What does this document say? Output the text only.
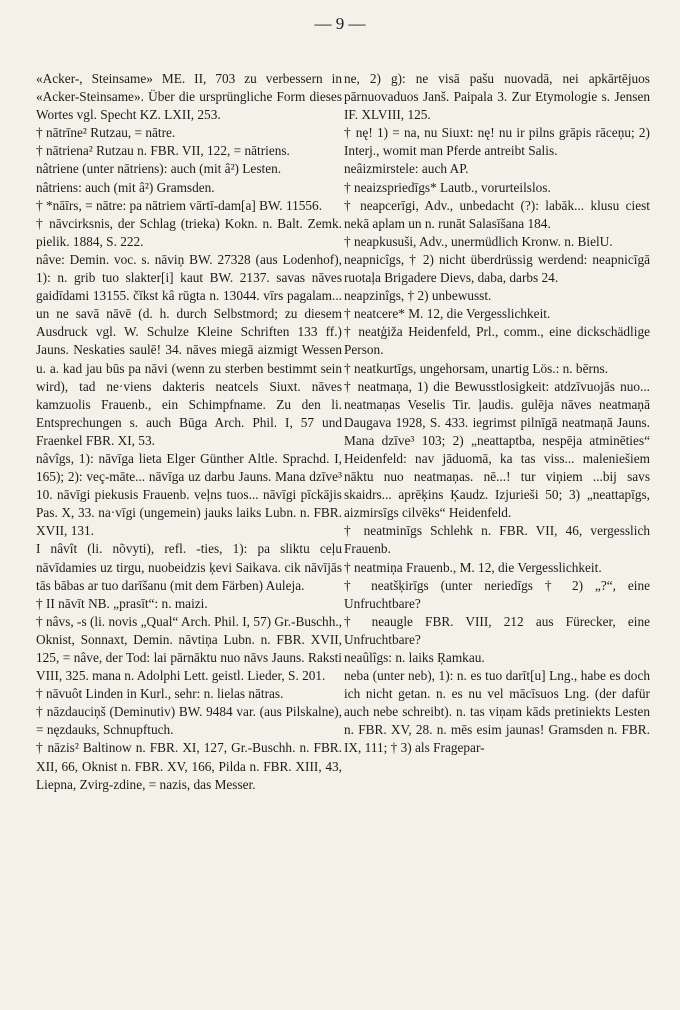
— 9 —

«Acker-, Steinsame» ME. II, 703 zu verbessern in «Acker-Steinsame». Über die ursprüngliche Form dieses Wortes vgl. Specht KZ. LXII, 253.

† nātrīne² Rutzau, = nātre.

† nātriena² Rutzau n. FBR. VII, 122, = nātriens.

nâtriene (unter nātriens): auch (mit â²) Lesten.

nâtriens: auch (mit â²) Gramsden.

† *nāīrs, = nātre: pa nātriem vārtī-dam[a] BW. 11556.

† nāvcirksnis, der Schlag (trieka) Kokn. n. Balt. Zemk. pielik. 1884, S. 222.

nâve: Demin. voc. s. nāviņ BW. 27328 (aus Lodenhof), 1): n. grib tuo slakter[i] kaut BW. 2137. savas nāves gaidīdami 13155. čīkst kâ rūgta n. 13044. vīrs pagalam... un ne savā nāvē (d. h. durch Selbstmord; zu diesem Ausdruck vgl. W. Schulze Kleine Schriften 133 ff.) Jauns. Neskaties saulē! 34. nāves miegā aizmigt Wessen u. a. kad jau būs pa nāvi (wenn zu sterben bestimmt sein wird), tad ne·viens dakteris neatcels Siuxt. nāves kamzuolis Frauenb., ein Schimpfname. Zu den li. Entsprechungen s. auch Būga Arch. Phil. I, 57 und Fraenkel FBR. XI, 53.

nâvîgs, 1): nāvīga lieta Elger Günther Altle. Sprachd. I, 165); 2): veç-māte... nāvīga uz darbu Jauns. Mana dzīve³ 10. nāvīgi piekusis Frauenb. veļns tuos... nāvīgi pīckājis Pas. X, 33. na·vīgi (ungemein) jauks laiks Lubn. n. FBR. XVII, 131.

I nâvît (li. nõvyti), refl. -ties, 1): pa sliktu ceļu nāvīdamies uz tirgu, nuobeidzis ķevi Saikava. cik nāvījās tās bābas ar tuo darīšanu (mit dem Färben) Auleja.

† II nāvīt NB. „prasīt“: n. maizi.

† nâvs, -s (li. novis „Qual“ Arch. Phil. I, 57) Gr.-Buschh., Oknist, Sonnaxt, Demin. nāvtiņa Lubn. n. FBR. XVII, 125, = nâve, der Tod: lai pārnāktu nuo nāvs Jauns. Raksti VIII, 325. mana n. Adolphi Lett. geistl. Lieder, S. 201.

† nāvuôt Linden in Kurl., sehr: n. lielas nātras.

† nāzdauciņš (Deminutiv) BW. 9484 var. (aus Pilskalne), = nęzdauks, Schnupftuch.

† nāzis² Baltinow n. FBR. XI, 127, Gr.-Buschh. n. FBR. XII, 66, Oknist n. FBR. XV, 166, Pilda n. FBR. XIII, 43, Liepna, Zvirg-zdine, = nazis, das Messer.

ne, 2) g): ne visā pašu nuovadā, nei apkārtējuos pārnuovaduos Janš. Paipala 3. Zur Etymologie s. Jensen IF. XLVIII, 125.

† nę! 1) = na, nu Siuxt: nę! nu ir pilns grāpis rāceņu; 2) Interj., womit man Pferde antreibt Salis.

neâizmirstele: auch AP.

† neaizspriedīgs* Lautb., vorurteilslos.

† neapcerīgi, Adv., unbedacht (?): labāk... klusu ciest nekā aplam un n. runāt Salasīšana 184.

† neapkusuši, Adv., unermüdlich Kronw. n. BielU.

neapnicîgs, † 2) nicht überdrüssig werdend: neapnicīgā ruotaļa Brigadere Dievs, daba, darbs 24.

neapzinîgs, † 2) unbewusst.

† neatcere* M. 12, die Vergesslichkeit.

† neatģiža Heidenfeld, Prl., comm., eine dickschädlige Person.

† neatkurtīgs, ungehorsam, unartig Lös.: n. bērns.

† neatmaņa, 1) die Bewusstlosigkeit: atdzīvuojās nuo... neatmaņas Veselis Tir. ļaudis. gulēja nāves neatmaņā Daugava 1928, S. 433. iegrimst pilnīgā neatmaņā Jauns. Mana dzīve³ 103; 2) „neattaptba, nespēja atminēties“ Heidenfeld: nav jāduomā, ka tas viss... maleniešiem nāktu nuo neatmaņas. nē...! tur viņiem ...bij savs skaidrs... aprēķins Ķaudz. Izjurieši 50; 3) „neattapīgs, aizmirsīgs cilvēks“ Heidenfeld.

† neatminīgs Schlehk n. FBR. VII, 46, vergesslich Frauenb.

† neatmiņa Frauenb., M. 12, die Vergesslichkeit.

† neatšķirīgs (unter neriedīgs † 2) „?“, eine Unfruchtbare?

† neaugle FBR. VIII, 212 aus Fürecker, eine Unfruchtbare?

neaûlîgs: n. laiks Ŗamkau.

neba (unter neb), 1): n. es tuo darīt[u] Lng., habe es doch ich nicht getan. n. es nu vel mācīsuos Lng. (der dafür auch nebe schreibt). n. tas viņam kāds pretiniekts Lesten n. FBR. XV, 28. n. mēs esim jaunas! Gramsden n. FBR. IX, 111; † 3) als Fragepar-
